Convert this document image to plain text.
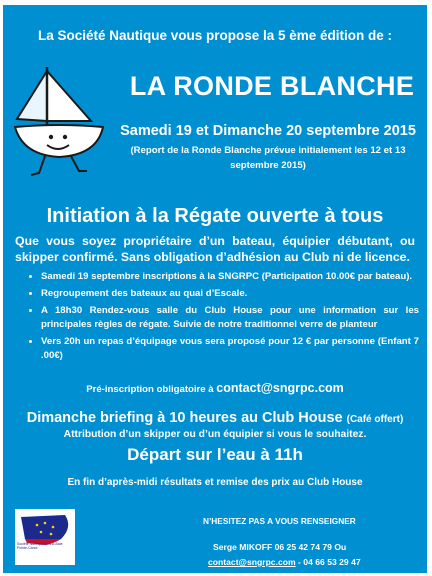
La Société Nautique vous propose la 5 ème édition de :
LA RONDE BLANCHE
Samedi 19 et Dimanche 20 septembre 2015
(Report de la Ronde Blanche prévue initialement les 12 et 13
septembre 2015)
Initiation à la Régate ouverte à tous
Que vous soyez propriétaire d’un bateau, équipier débutant, ou skipper confirmé. Sans obligation d’adhésion au Club ni de licence.
• Samedi 19 septembre inscriptions à la SNGRPC (Participation 10.00€ par bateau).
• Regroupement des bateaux au quai d’Escale.
• A 18h30 Rendez-vous salle du Club House pour une information sur les principales règles de régate. Suivie de notre traditionnel verre de planteur
• Vers 20h un repas d’équipage vous sera proposé pour 12 € par personne (Enfant 7 .00€)
Pré-inscription obligatoire à contact@sngrpc.com
Dimanche briefing à 10 heures au Club House (Café offert)
Attribution d’un skipper ou d’un équipier si vous le souhaitez.
Départ sur l’eau à 11h
En fin d’après-midi résultats et remise des prix au Club House
Société Nautique Grand-Baie Pointe-Canot
N’HESITEZ PAS A VOUS RENSEIGNER
Serge MIKOFF 06 25 42 74 79 Ou
contact@sngrpc.com - 04 66 53 29 47
